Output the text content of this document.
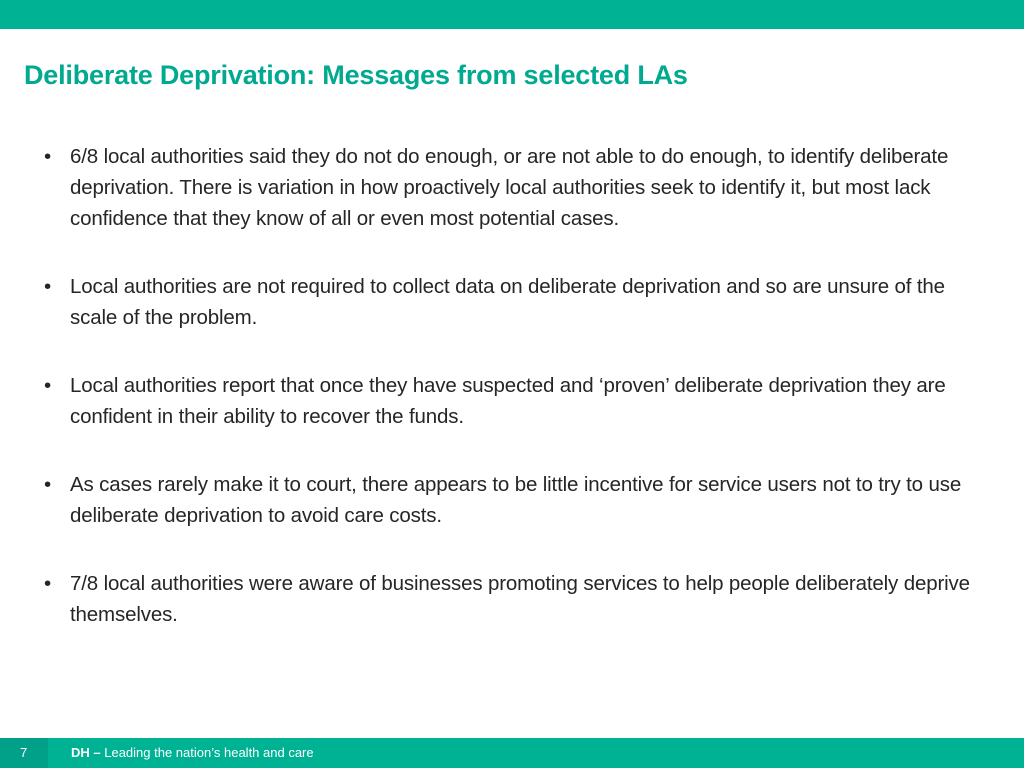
Deliberate Deprivation: Messages from selected LAs
• 6/8 local authorities said they do not do enough, or are not able to do enough, to identify deliberate deprivation. There is variation in how proactively local authorities seek to identify it, but most lack confidence that they know of all or even most potential cases.
• Local authorities are not required to collect data on deliberate deprivation and so are unsure of the scale of the problem.
• Local authorities report that once they have suspected and ‘proven’ deliberate deprivation they are confident in their ability to recover the funds.
• As cases rarely make it to court, there appears to be little incentive for service users not to try to use deliberate deprivation to avoid care costs.
• 7/8 local authorities were aware of businesses promoting services to help people deliberately deprive themselves.
7	DH – Leading the nation’s health and care
